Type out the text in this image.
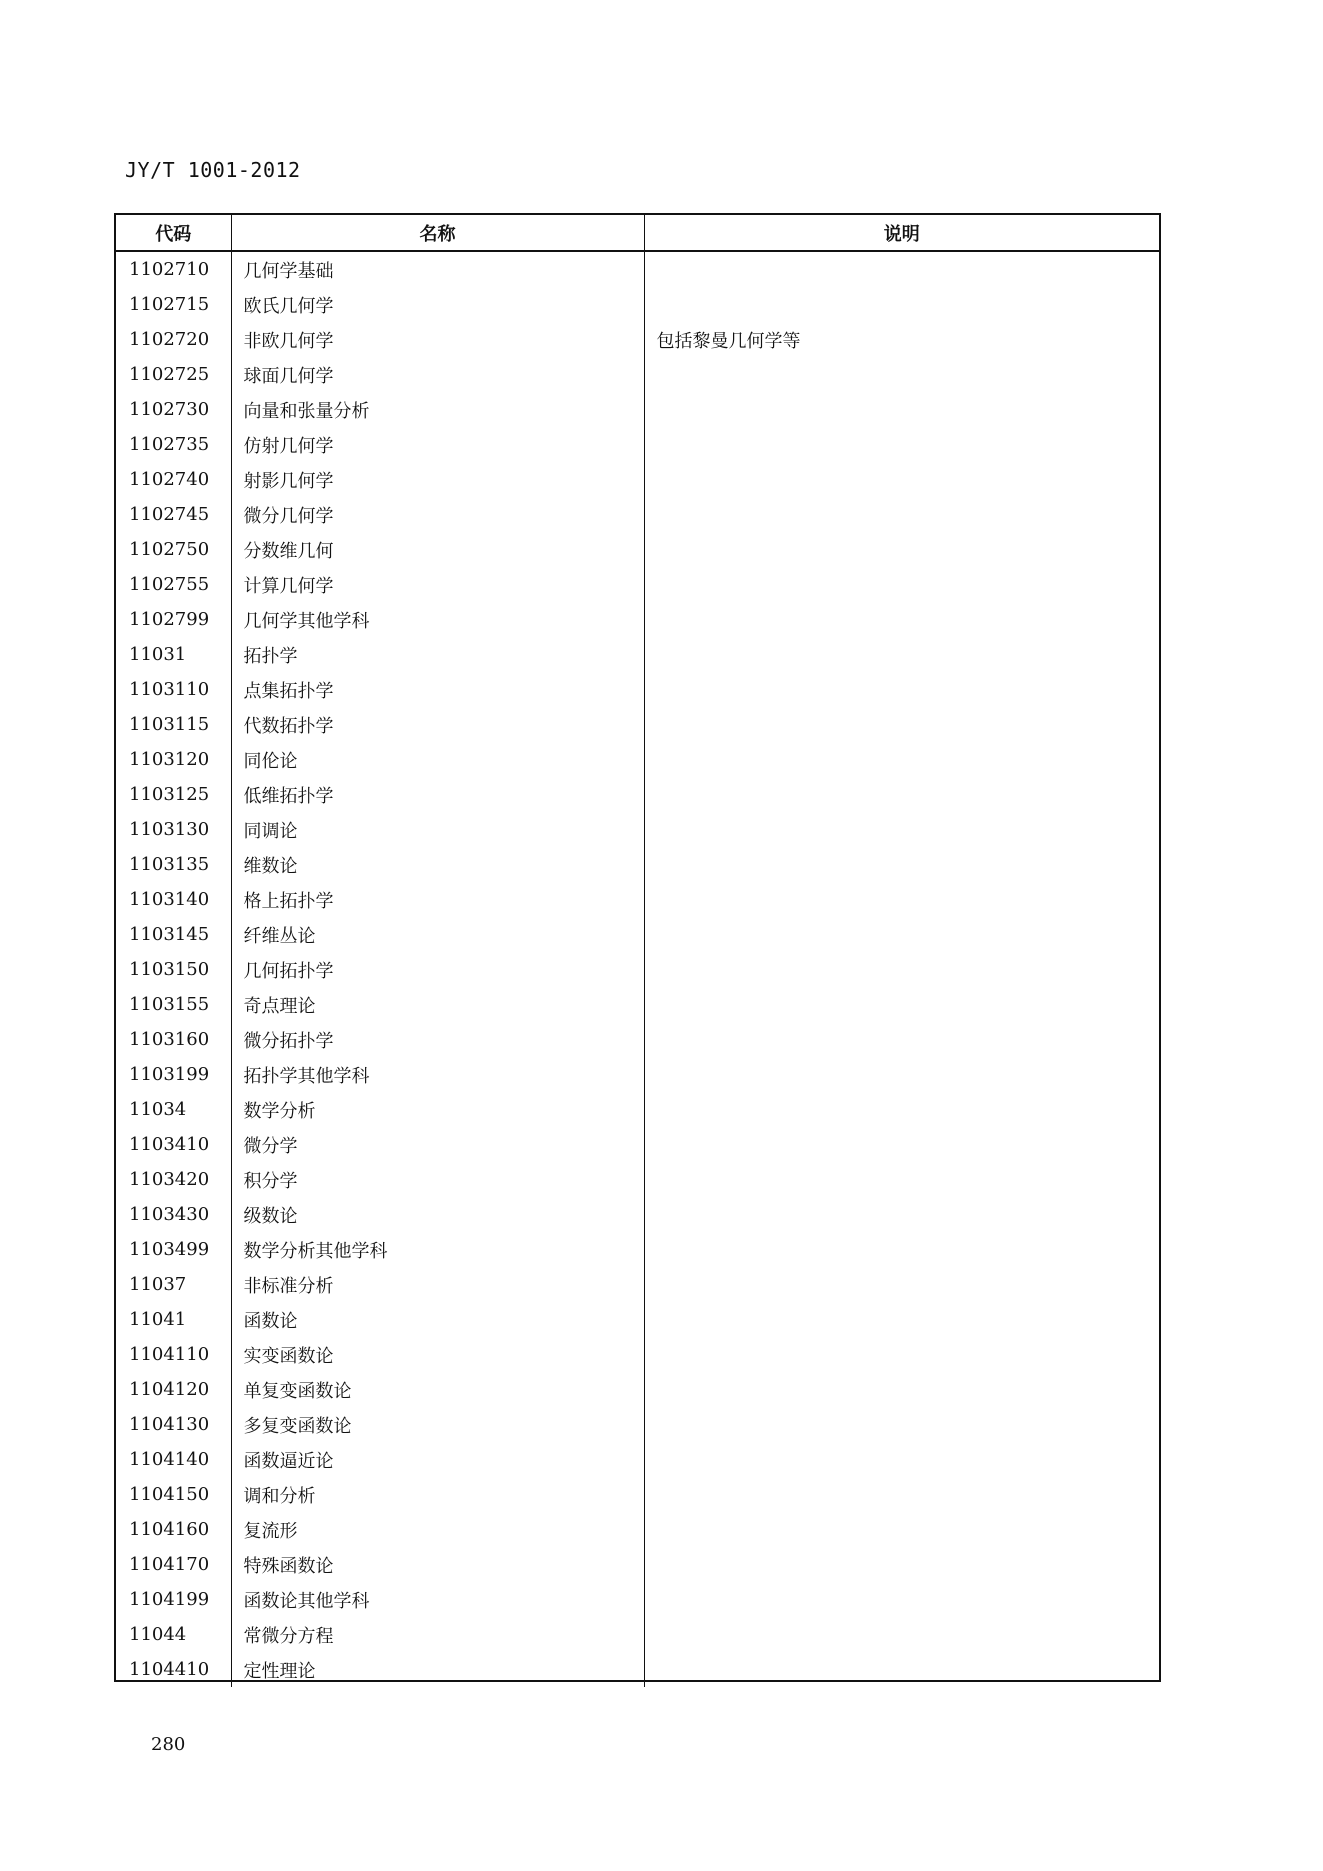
JY/T 1001-2012
代码	名称	说明
1102710	几何学基础	
1102715	欧氏几何学	
1102720	非欧几何学	包括黎曼几何学等
1102725	球面几何学	
1102730	向量和张量分析	
1102735	仿射几何学	
1102740	射影几何学	
1102745	微分几何学	
1102750	分数维几何	
1102755	计算几何学	
1102799	几何学其他学科	
11031	拓扑学	
1103110	点集拓扑学	
1103115	代数拓扑学	
1103120	同伦论	
1103125	低维拓扑学	
1103130	同调论	
1103135	维数论	
1103140	格上拓扑学	
1103145	纤维丛论	
1103150	几何拓扑学	
1103155	奇点理论	
1103160	微分拓扑学	
1103199	拓扑学其他学科	
11034	数学分析	
1103410	微分学	
1103420	积分学	
1103430	级数论	
1103499	数学分析其他学科	
11037	非标准分析	
11041	函数论	
1104110	实变函数论	
1104120	单复变函数论	
1104130	多复变函数论	
1104140	函数逼近论	
1104150	调和分析	
1104160	复流形	
1104170	特殊函数论	
1104199	函数论其他学科	
11044	常微分方程	
1104410	定性理论	
280
